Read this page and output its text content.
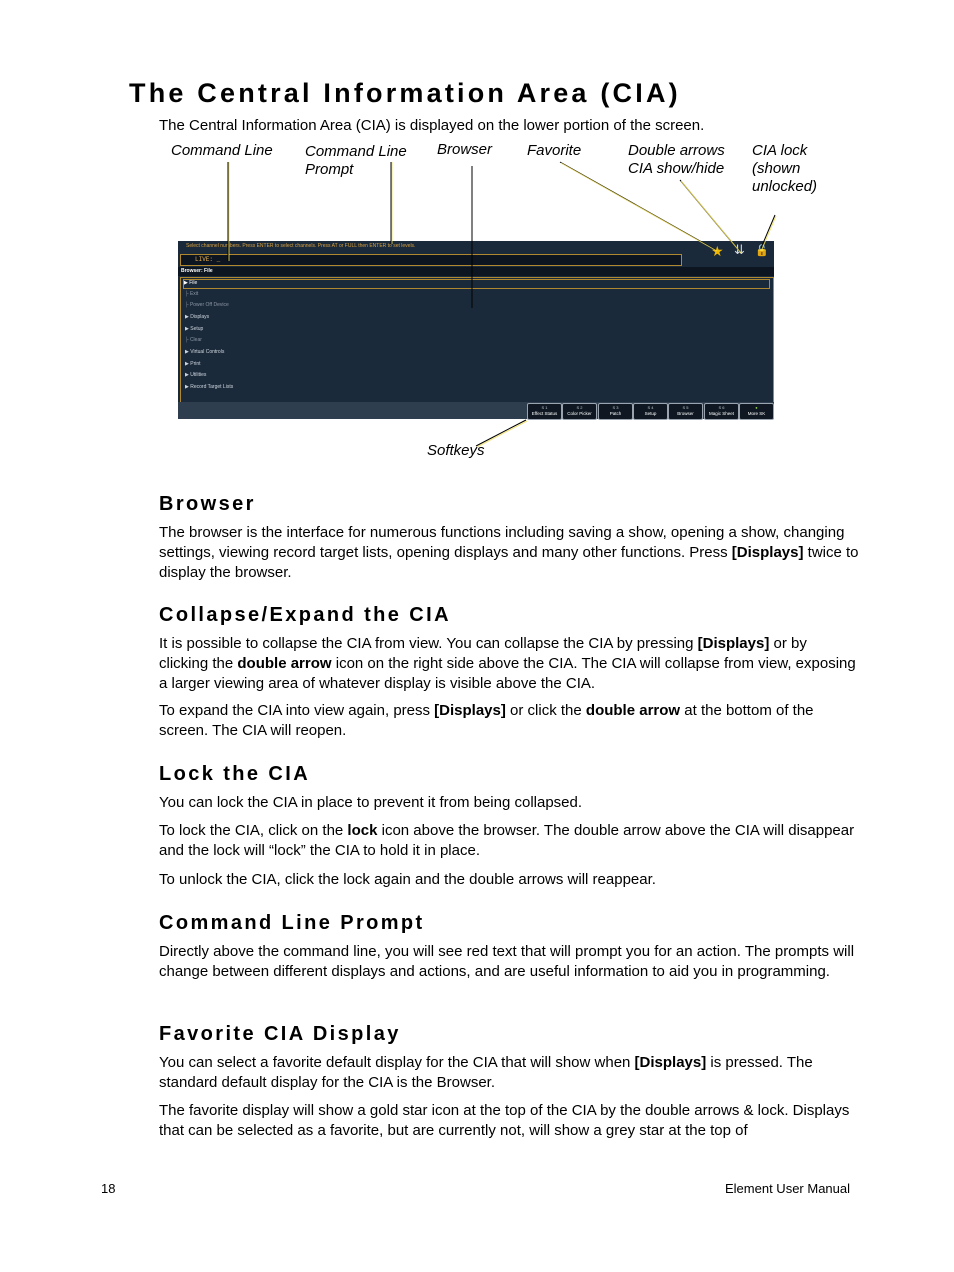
The Central Information Area (CIA)
The Central Information Area (CIA) is displayed on the lower portion of the screen.
Command Line Command Line
Prompt
Browser Favorite	Double arrows
CIA show/hide
CIA lock
(shown
unlocked)
Softkeys
Select channel numbers. Press ENTER to select channels. Press AT or FULL then ENTER to set levels.
LIVE: _
★ ⇊ 🔓
Browser: File
▶ File
├ Exit
├ Power Off Device
▶ Displays
▶ Setup
├ Clear
▶ Virtual Controls
▶ Print
▶ Utilities
▶ Record Target Lists
S 1
Effect Status
S 2
Color Picker
S 3
Patch
S 4
Setup
S 5
Browser
S 6
Magic Sheet
●
More SK
Browser

The browser is the interface for numerous functions including saving a show, opening a show, changing settings, viewing record target lists, opening displays and many other functions. Press [Displays] twice to display the browser.

Collapse/Expand the CIA

It is possible to collapse the CIA from view. You can collapse the CIA by pressing [Displays] or by clicking the double arrow icon on the right side above the CIA. The CIA will collapse from view, exposing a larger viewing area of whatever display is visible above the CIA.

To expand the CIA into view again, press [Displays] or click the double arrow at the bottom of the screen. The CIA will reopen.

Lock the CIA

You can lock the CIA in place to prevent it from being collapsed.

To lock the CIA, click on the lock icon above the browser. The double arrow above the CIA will disappear and the lock will “lock” the CIA to hold it in place.

To unlock the CIA, click the lock again and the double arrows will reappear.

Command Line Prompt

Directly above the command line, you will see red text that will prompt you for an action. The prompts will change between different displays and actions, and are useful information to aid you in programming.

Favorite CIA Display

You can select a favorite default display for the CIA that will show when [Displays] is pressed. The standard default display for the CIA is the Browser.

The favorite display will show a gold star icon at the top of the CIA by the double arrows & lock. Displays that can be selected as a favorite, but are currently not, will show a grey star at the top of

18	Element User Manual
